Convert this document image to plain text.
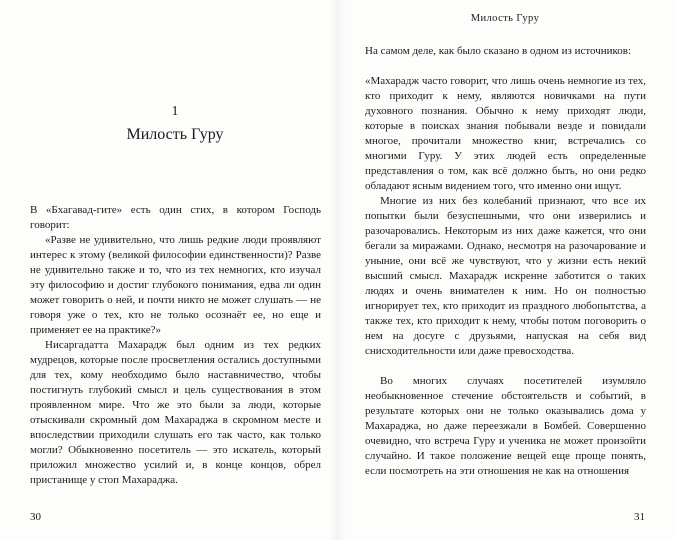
1
Милость Гуру

В «Бхагавад-гите» есть один стих, в котором Господь говорит:

«Разве не удивительно, что лишь редкие люди проявляют интерес к этому (великой философии единственности)? Разве не удивительно также и то, что из тех немногих, кто изучал эту философию и достиг глубокого понимания, едва ли один может говорить о ней, и почти никто не может слушать — не говоря уже о тех, кто не только осознаёт ее, но еще и применяет ее на практике?»

Нисаргадатта Махарадж был одним из тех редких мудрецов, которые после просветления остались доступными для тех, кому необходимо было наставничество, чтобы постигнуть глубокий смысл и цель существования в этом проявленном мире. Что же это были за люди, которые отыскивали скромный дом Махараджа в скромном месте и впоследствии приходили слушать его так часто, как только могли? Обыкновенно посетитель — это искатель, который приложил множество усилий и, в конце концов, обрел пристанище у стоп Махараджа.

30
Милость Гуру

На самом деле, как было сказано в одном из источников:

«Махарадж часто говорит, что лишь очень немногие из тех, кто приходит к нему, являются новичками на пути духовного познания. Обычно к нему приходят люди, которые в поисках знания побывали везде и повидали многое, прочитали множество книг, встречались со многими Гуру. У этих людей есть определенные представления о том, как всё должно быть, но они редко обладают ясным видением того, что именно они ищут.

Многие из них без колебаний признают, что все их попытки были безуспешными, что они изверились и разочаровались. Некоторым из них даже кажется, что они бегали за миражами. Однако, несмотря на разочарование и уныние, они всё же чувствуют, что у жизни есть некий высший смысл. Махарадж искренне заботится о таких людях и очень внимателен к ним. Но он полностью игнорирует тех, кто приходит из праздного любопытства, а также тех, кто приходит к нему, чтобы потом поговорить о нем на досуге с друзьями, напуская на себя вид снисходительности или даже превосходства.

Во многих случаях посетителей изумляло необыкновенное стечение обстоятельств и событий, в результате которых они не только оказывались дома у Махараджа, но даже переезжали в Бомбей. Совершенно очевидно, что встреча Гуру и ученика не может произойти случайно. И такое положение вещей еще проще понять, если посмотреть на эти отношения не как на отношения

31
